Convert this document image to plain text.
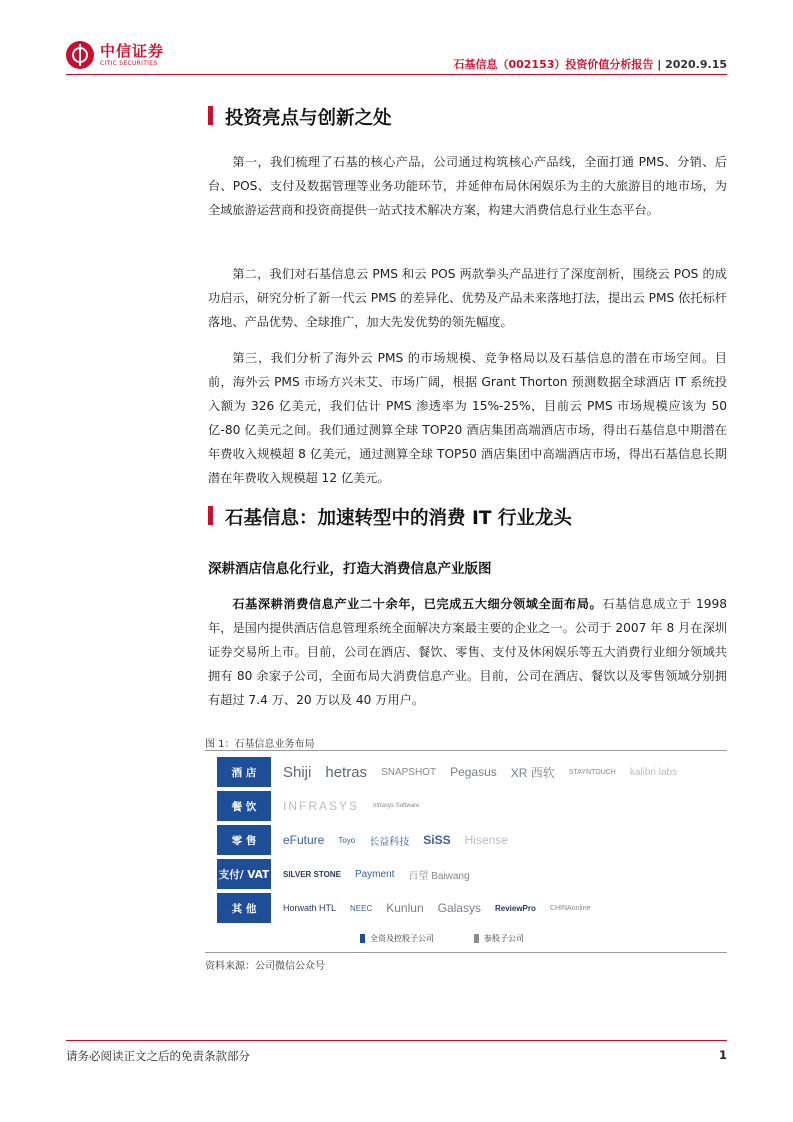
中信证券
CITIC SECURITIES	石基信息（002153）投资价值分析报告 | 2020.9.15
投资亮点与创新之处

第一，我们梳理了石基的核心产品，公司通过构筑核心产品线，全面打通 PMS、分销、后台、POS、支付及数据管理等业务功能环节，并延伸布局休闲娱乐为主的大旅游目的地市场，为全域旅游运营商和投资商提供一站式技术解决方案，构建大消费信息行业生态平台。

第二，我们对石基信息云 PMS 和云 POS 两款拳头产品进行了深度剖析，围绕云 POS 的成功启示，研究分析了新一代云 PMS 的差异化、优势及产品未来落地打法，提出云 PMS 依托标杆落地、产品优势、全球推广，加大先发优势的领先幅度。

第三，我们分析了海外云 PMS 的市场规模、竞争格局以及石基信息的潜在市场空间。目前，海外云 PMS 市场方兴未艾、市场广阔，根据 Grant Thorton 预测数据全球酒店 IT 系统投入额为 326 亿美元，我们估计 PMS 渗透率为 15%-25%，目前云 PMS 市场规模应该为 50 亿-80 亿美元之间。我们通过测算全球 TOP20 酒店集团高端酒店市场，得出石基信息中期潜在年费收入规模超 8 亿美元，通过测算全球 TOP50 酒店集团中高端酒店市场，得出石基信息长期潜在年费收入规模超 12 亿美元。

石基信息：加速转型中的消费 IT 行业龙头
深耕酒店信息化行业，打造大消费信息产业版图

石基深耕消费信息产业二十余年，已完成五大细分领域全面布局。石基信息成立于 1998 年，是国内提供酒店信息管理系统全面解决方案最主要的企业之一。公司于 2007 年 8 月在深圳证券交易所上市。目前，公司在酒店、餐饮、零售、支付及休闲娱乐等五大消费行业细分领域共拥有 80 余家子公司，全面布局大消费信息产业。目前，公司在酒店、餐饮以及零售领域分别拥有超过 7.4 万、20 万以及 40 万用户。

图 1：石基信息业务布局
酒 店	Shiji hetras SNAPSHOT Pegasus XR 西软 STAYNTOUCH kalibri labs
餐 饮	INFRASYS Infrasys Software
零 售	eFuture Toyo 长益科技 SiSS Hisense
支付/ VAT SILVER STONE Payment 百望 Baiwang
其 他	Horwath HTL NEEC Kunlun Galasys ReviewPro CHINAonline
全资及控股子公司	参股子公司
资料来源：公司微信公众号
请务必阅读正文之后的免责条款部分	1
